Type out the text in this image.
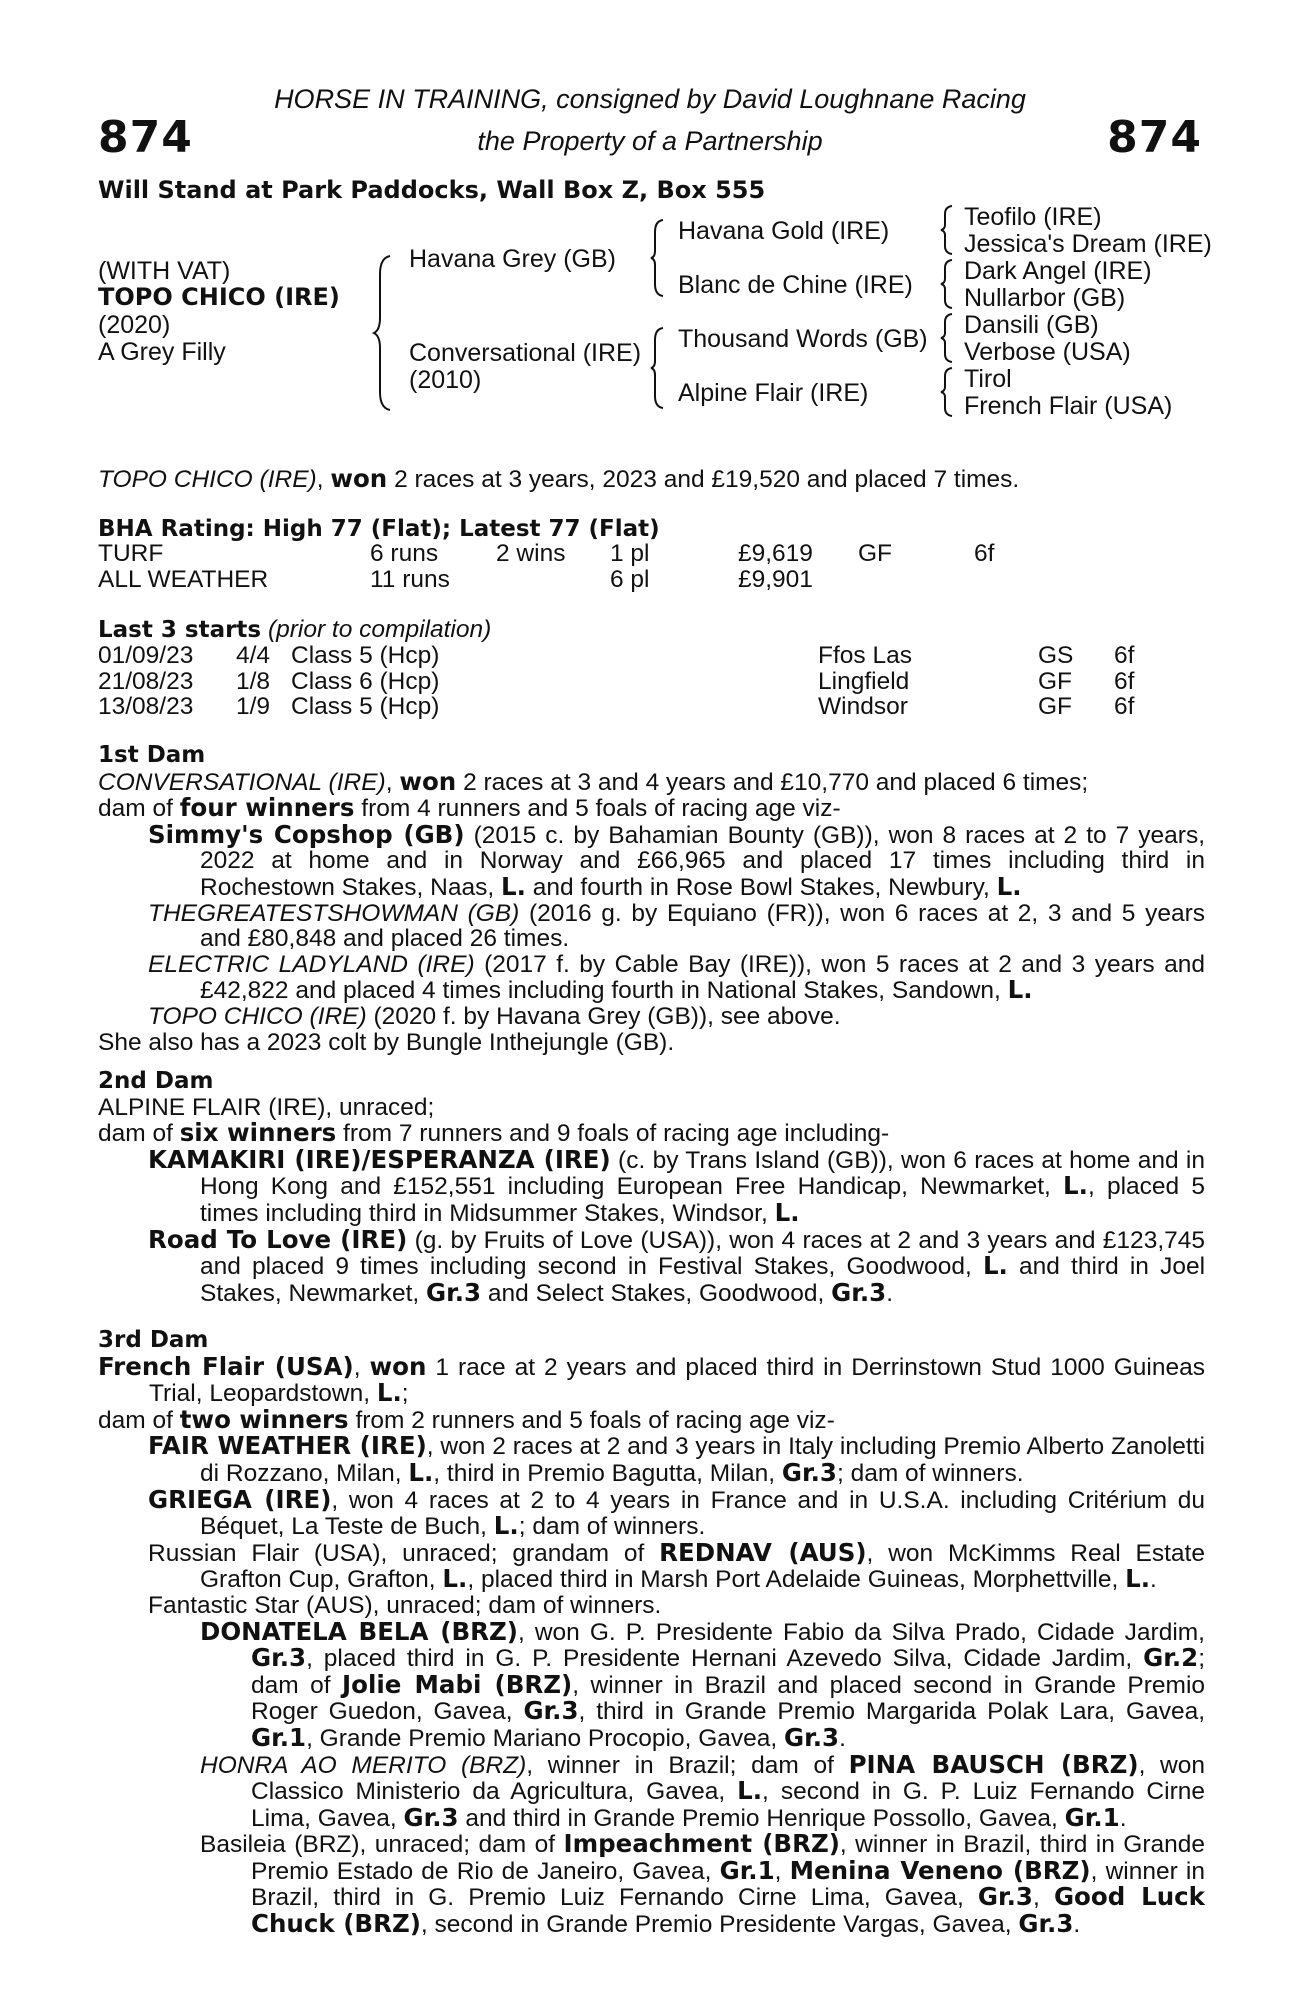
874	874
HORSE IN TRAINING, consigned by David Loughnane Racing
the Property of a Partnership
Will Stand at Park Paddocks, Wall Box Z, Box 555
(WITH VAT)
TOPO CHICO (IRE)
(2020)
A Grey Filly
Havana Grey (GB)
Conversational (IRE)
(2010)
Havana Gold (IRE)
Blanc de Chine (IRE)
Thousand Words (GB)
Alpine Flair (IRE)
Teofilo (IRE)
Jessica's Dream (IRE)
Dark Angel (IRE)
Nullarbor (GB)
Dansili (GB)
Verbose (USA)
Tirol
French Flair (USA)
TOPO CHICO (IRE), won 2 races at 3 years, 2023 and £19,520 and placed 7 times.
BHA Rating: High 77 (Flat); Latest 77 (Flat)
TURF	6 runs 2 wins 1 pl	£9,619 GF	6f
ALL WEATHER	11 runs	6 pl	£9,901
Last 3 starts (prior to compilation)
01/09/23 4/4 Class 5 (Hcp)	Ffos Las	GS 6f
21/08/23 1/8 Class 6 (Hcp)	Lingfield	GF 6f
13/08/23 1/9 Class 5 (Hcp)	Windsor	GF 6f

1st Dam

CONVERSATIONAL (IRE), won 2 races at 3 and 4 years and £10,770 and placed 6 times;

dam of four winners from 4 runners and 5 foals of racing age viz-

Simmy's Copshop (GB) (2015 c. by Bahamian Bounty (GB)), won 8 races at 2 to 7 years, 2022 at home and in Norway and £66,965 and placed 17 times including third in Rochestown Stakes, Naas, L. and fourth in Rose Bowl Stakes, Newbury, L.

THEGREATESTSHOWMAN (GB) (2016 g. by Equiano (FR)), won 6 races at 2, 3 and 5 years and £80,848 and placed 26 times.

ELECTRIC LADYLAND (IRE) (2017 f. by Cable Bay (IRE)), won 5 races at 2 and 3 years and £42,822 and placed 4 times including fourth in National Stakes, Sandown, L.

TOPO CHICO (IRE) (2020 f. by Havana Grey (GB)), see above.

She also has a 2023 colt by Bungle Inthejungle (GB).

2nd Dam

ALPINE FLAIR (IRE), unraced;

dam of six winners from 7 runners and 9 foals of racing age including-

KAMAKIRI (IRE)/ESPERANZA (IRE) (c. by Trans Island (GB)), won 6 races at home and in Hong Kong and £152,551 including European Free Handicap, Newmarket, L., placed 5 times including third in Midsummer Stakes, Windsor, L.

Road To Love (IRE) (g. by Fruits of Love (USA)), won 4 races at 2 and 3 years and £123,745 and placed 9 times including second in Festival Stakes, Goodwood, L. and third in Joel Stakes, Newmarket, Gr.3 and Select Stakes, Goodwood, Gr.3.

3rd Dam

French Flair (USA), won 1 race at 2 years and placed third in Derrinstown Stud 1000 Guineas Trial, Leopardstown, L.;

dam of two winners from 2 runners and 5 foals of racing age viz-

FAIR WEATHER (IRE), won 2 races at 2 and 3 years in Italy including Premio Alberto Zanoletti di Rozzano, Milan, L., third in Premio Bagutta, Milan, Gr.3; dam of winners.

GRIEGA (IRE), won 4 races at 2 to 4 years in France and in U.S.A. including Critérium du Béquet, La Teste de Buch, L.; dam of winners.

Russian Flair (USA), unraced; grandam of REDNAV (AUS), won McKimms Real Estate Grafton Cup, Grafton, L., placed third in Marsh Port Adelaide Guineas, Morphettville, L..

Fantastic Star (AUS), unraced; dam of winners.

DONATELA BELA (BRZ), won G. P. Presidente Fabio da Silva Prado, Cidade Jardim, Gr.3, placed third in G. P. Presidente Hernani Azevedo Silva, Cidade Jardim, Gr.2; dam of Jolie Mabi (BRZ), winner in Brazil and placed second in Grande Premio Roger Guedon, Gavea, Gr.3, third in Grande Premio Margarida Polak Lara, Gavea, Gr.1, Grande Premio Mariano Procopio, Gavea, Gr.3.

HONRA AO MERITO (BRZ), winner in Brazil; dam of PINA BAUSCH (BRZ), won Classico Ministerio da Agricultura, Gavea, L., second in G. P. Luiz Fernando Cirne Lima, Gavea, Gr.3 and third in Grande Premio Henrique Possollo, Gavea, Gr.1.

Basileia (BRZ), unraced; dam of Impeachment (BRZ), winner in Brazil, third in Grande Premio Estado de Rio de Janeiro, Gavea, Gr.1, Menina Veneno (BRZ), winner in Brazil, third in G. Premio Luiz Fernando Cirne Lima, Gavea, Gr.3, Good Luck Chuck (BRZ), second in Grande Premio Presidente Vargas, Gavea, Gr.3.
